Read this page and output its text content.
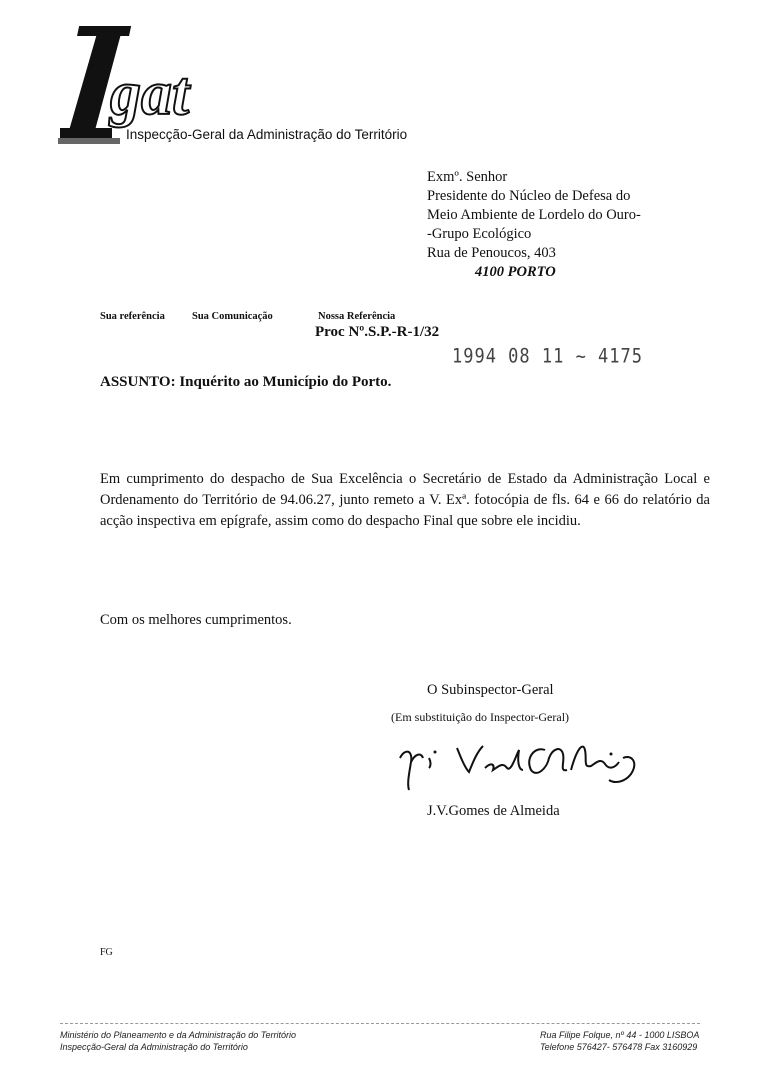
gat
Inspecção-Geral da Administração do Território
Exmº. Senhor
Presidente do Núcleo de Defesa do
Meio Ambiente de Lordelo do Ouro-
-Grupo Ecológico
Rua de Penoucos, 403
4100 PORTO
Sua referência	Sua Comunicação	Nossa Referência
Proc Nº.S.P.-R-1/32
1994 08 11 ~ 4175
ASSUNTO: Inquérito ao Município do Porto.
Em cumprimento do despacho de Sua Excelência o Secretário de Estado da Administração Local e Ordenamento do Território de 94.06.27, junto remeto a V. Exª. fotocópia de fls. 64 e 66 do relatório da acção inspectiva em epígrafe, assim como do despacho Final que sobre ele incidiu.
Com os melhores cumprimentos.
O Subinspector-Geral
(Em substituição do Inspector-Geral)
J.V.Gomes de Almeida
FG
Ministério do Planeamento e da Administração do Território
Inspecção-Geral da Administração do Território
Rua Filipe Folque, nº 44 - 1000 LISBOA
Telefone 576427- 576478 Fax 3160929
